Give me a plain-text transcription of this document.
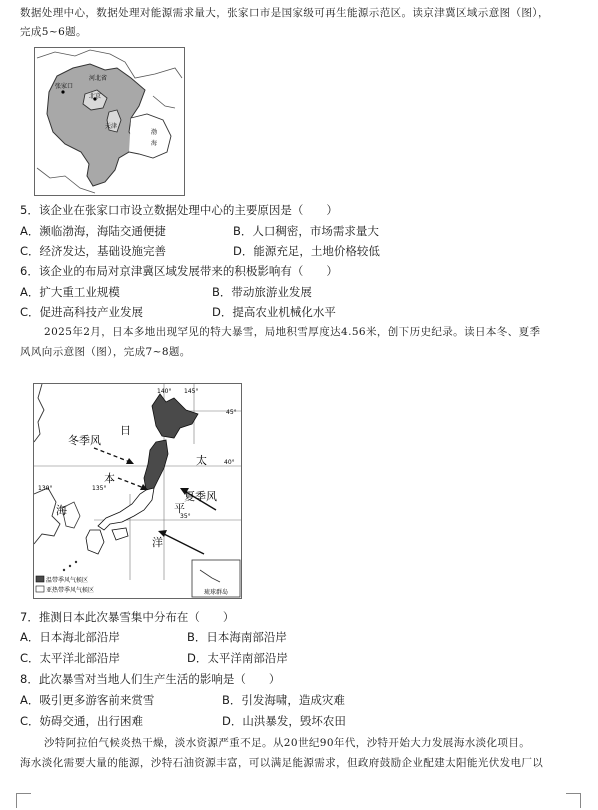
数据处理中心，数据处理对能源需求量大，张家口市是国家级可再生能源示范区。读京津冀区域示意图（图），
完成5~6题。
河北省
张家口
北京
天津
渤
海
5．该企业在张家口市设立数据处理中心的主要原因是（　　）
A．濒临渤海，海陆交通便捷	B．人口稠密，市场需求量大
C．经济发达，基础设施完善	D．能源充足，土地价格较低
6．该企业的布局对京津冀区域发展带来的积极影响有（　　）
A．扩大重工业规模	B．带动旅游业发展
C．促进高科技产业发展	D．提高农业机械化水平
2025年2月，日本多地出现罕见的特大暴雪，局地积雪厚度达4.56米，创下历史纪录。读日本冬、夏季
风风向示意图（图），完成7~8题。
140° 145°
130°	135°
45°
40°
35°
日
本
海
太
平
洋
冬季风
夏季风
温带季风气候区
亚热带季风气候区	琉球群岛
7．推测日本此次暴雪集中分布在（　　）
A．日本海北部沿岸	B．日本海南部沿岸
C．太平洋北部沿岸	D．太平洋南部沿岸
8．此次暴雪对当地人们生产生活的影响是（　　）
A．吸引更多游客前来赏雪	B．引发海啸，造成灾难
C．妨碍交通，出行困难	D．山洪暴发，毁坏农田
沙特阿拉伯气候炎热干燥，淡水资源严重不足。从20世纪90年代，沙特开始大力发展海水淡化项目。
海水淡化需要大量的能源，沙特石油资源丰富，可以满足能源需求，但政府鼓励企业配建太阳能光伏发电厂以
